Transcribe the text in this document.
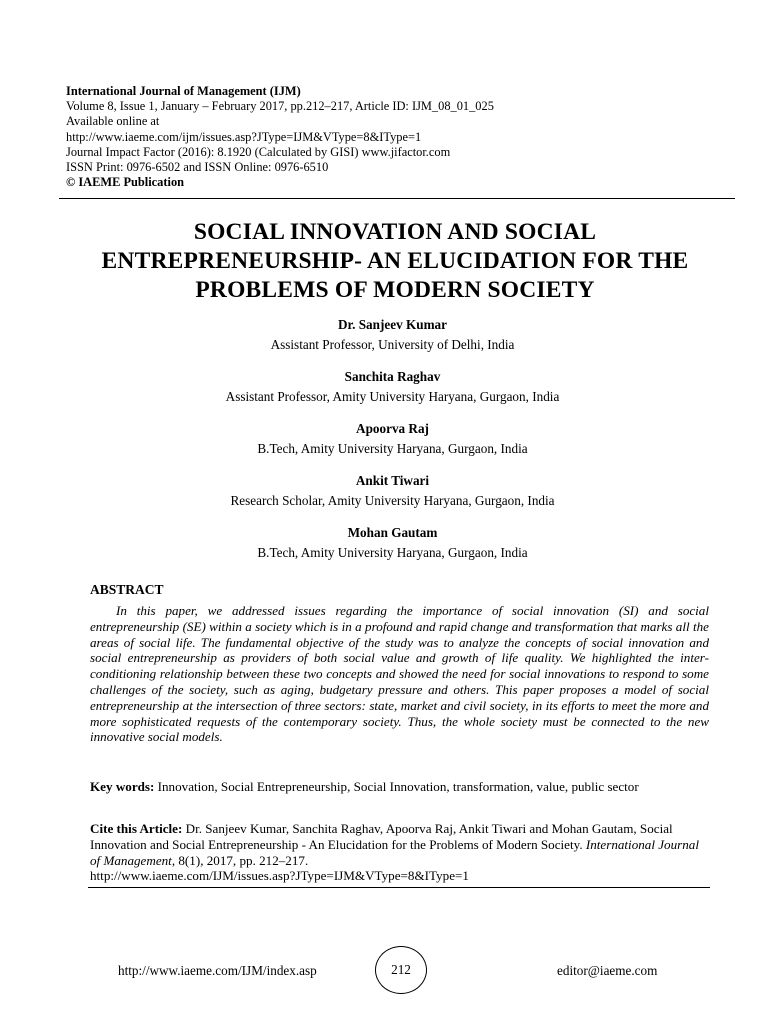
International Journal of Management (IJM)
Volume 8, Issue 1, January – February 2017, pp.212–217, Article ID: IJM_08_01_025
Available online at
http://www.iaeme.com/ijm/issues.asp?JType=IJM&VType=8&IType=1
Journal Impact Factor (2016): 8.1920 (Calculated by GISI) www.jifactor.com
ISSN Print: 0976-6502 and ISSN Online: 0976-6510
© IAEME Publication
SOCIAL INNOVATION AND SOCIAL
ENTREPRENEURSHIP- AN ELUCIDATION FOR THE
PROBLEMS OF MODERN SOCIETY
Dr. Sanjeev Kumar
Assistant Professor, University of Delhi, India
Sanchita Raghav
Assistant Professor, Amity University Haryana, Gurgaon, India
Apoorva Raj
B.Tech, Amity University Haryana, Gurgaon, India
Ankit Tiwari
Research Scholar, Amity University Haryana, Gurgaon, India
Mohan Gautam
B.Tech, Amity University Haryana, Gurgaon, India
ABSTRACT
In this paper, we addressed issues regarding the importance of social innovation (SI) and social entrepreneurship (SE) within a society which is in a profound and rapid change and transformation that marks all the areas of social life. The fundamental objective of the study was to analyze the concepts of social innovation and social entrepreneurship as providers of both social value and growth of life quality. We highlighted the inter-conditioning relationship between these two concepts and showed the need for social innovations to respond to some challenges of the society, such as aging, budgetary pressure and others. This paper proposes a model of social entrepreneurship at the intersection of three sectors: state, market and civil society, in its efforts to meet the more and more sophisticated requests of the contemporary society. Thus, the whole society must be connected to the new innovative social models.
Key words: Innovation, Social Entrepreneurship, Social Innovation, transformation, value, public sector
Cite this Article: Dr. Sanjeev Kumar, Sanchita Raghav, Apoorva Raj, Ankit Tiwari and Mohan Gautam, Social Innovation and Social Entrepreneurship - An Elucidation for the Problems of Modern Society. International Journal of Management, 8(1), 2017, pp. 212–217.
http://www.iaeme.com/IJM/issues.asp?JType=IJM&VType=8&IType=1
http://www.iaeme.com/IJM/index.asp	212	editor@iaeme.com
